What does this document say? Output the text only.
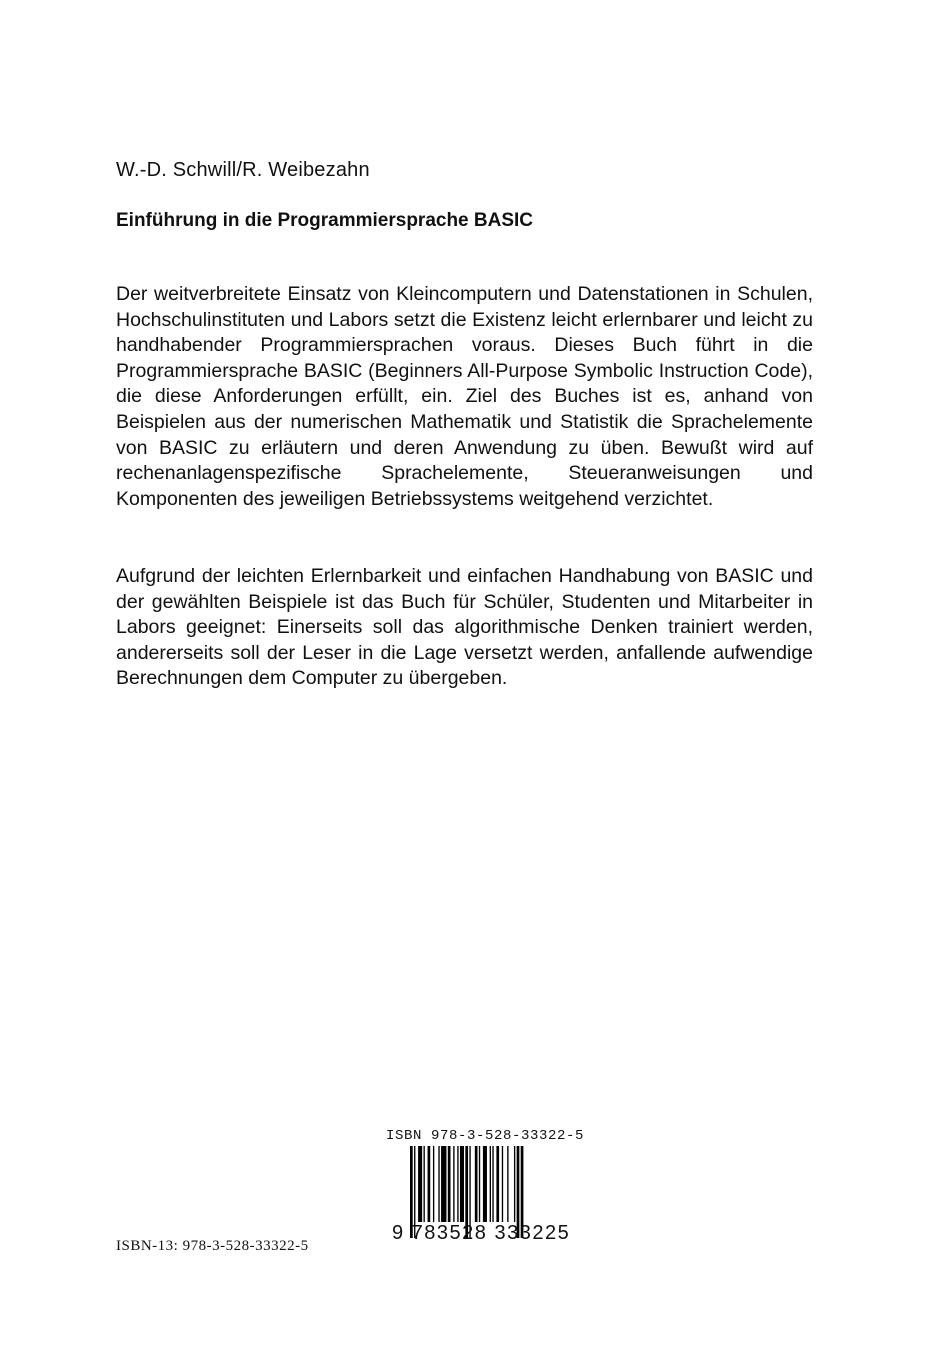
W.-D. Schwill/R. Weibezahn
Einführung in die Programmiersprache BASIC

Der weitverbreitete Einsatz von Kleincomputern und Datenstationen in Schulen, Hochschulinstituten und Labors setzt die Existenz leicht erlernbarer und leicht zu handhabender Programmiersprachen voraus. Dieses Buch führt in die Programmiersprache BASIC (Beginners All-Purpose Symbolic Instruction Code), die diese Anforderungen erfüllt, ein. Ziel des Buches ist es, anhand von Beispielen aus der numerischen Mathematik und Statistik die Sprachelemente von BASIC zu erläutern und deren Anwendung zu üben. Bewußt wird auf rechenanlagenspezifische Sprachelemente, Steueranweisungen und Komponenten des jeweiligen Betriebssystems weitgehend verzichtet.

Aufgrund der leichten Erlernbarkeit und einfachen Handhabung von BASIC und der gewählten Beispiele ist das Buch für Schüler, Studenten und Mitarbeiter in Labors geeignet: Einerseits soll das algorithmische Denken trainiert werden, andererseits soll der Leser in die Lage versetzt werden, anfallende aufwendige Berechnungen dem Computer zu übergeben.

ISBN 978-3-528-33322-5
9 783528 333225
ISBN-13: 978-3-528-33322-5
